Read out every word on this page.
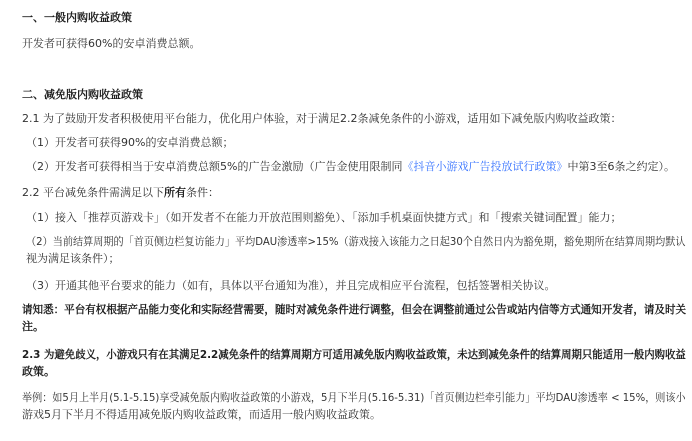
一、一般内购收益政策
开发者可获得60%的安卓消费总额。
二、减免版内购收益政策
2.1 为了鼓励开发者积极使用平台能力，优化用户体验，对于满足2.2条减免条件的小游戏，适用如下减免版内购收益政策：
（1）开发者可获得90%的安卓消费总额；
（2）开发者可获得相当于安卓消费总额5%的广告金激励（广告金使用限制同《抖音小游戏广告投放试行政策》中第3至6条之约定）。
2.2 平台减免条件需满足以下所有条件：
（1）接入「推荐页游戏卡」（如开发者不在能力开放范围则豁免）、「添加手机桌面快捷方式」和「搜索关键词配置」能力；
（2）当前结算周期的「首页侧边栏复访能力」平均DAU渗透率>15%（游戏接入该能力之日起30个自然日内为豁免期，豁免期所在结算周期均默认
视为满足该条件）；
（3）开通其他平台要求的能力（如有，具体以平台通知为准），并且完成相应平台流程，包括签署相关协议。
请知悉：平台有权根据产品能力变化和实际经营需要，随时对减免条件进行调整，但会在调整前通过公告或站内信等方式通知开发者，请及时关
注。
2.3 为避免歧义，小游戏只有在其满足2.2减免条件的结算周期方可适用减免版内购收益政策，未达到减免条件的结算周期只能适用一般内购收益
政策。
举例：如5月上半月(5.1-5.15)享受减免版内购收益政策的小游戏，5月下半月(5.16-5.31)「首页侧边栏牵引能力」平均DAU渗透率 < 15%，则该小
游戏5月下半月不得适用减免版内购收益政策，而适用一般内购收益政策。
